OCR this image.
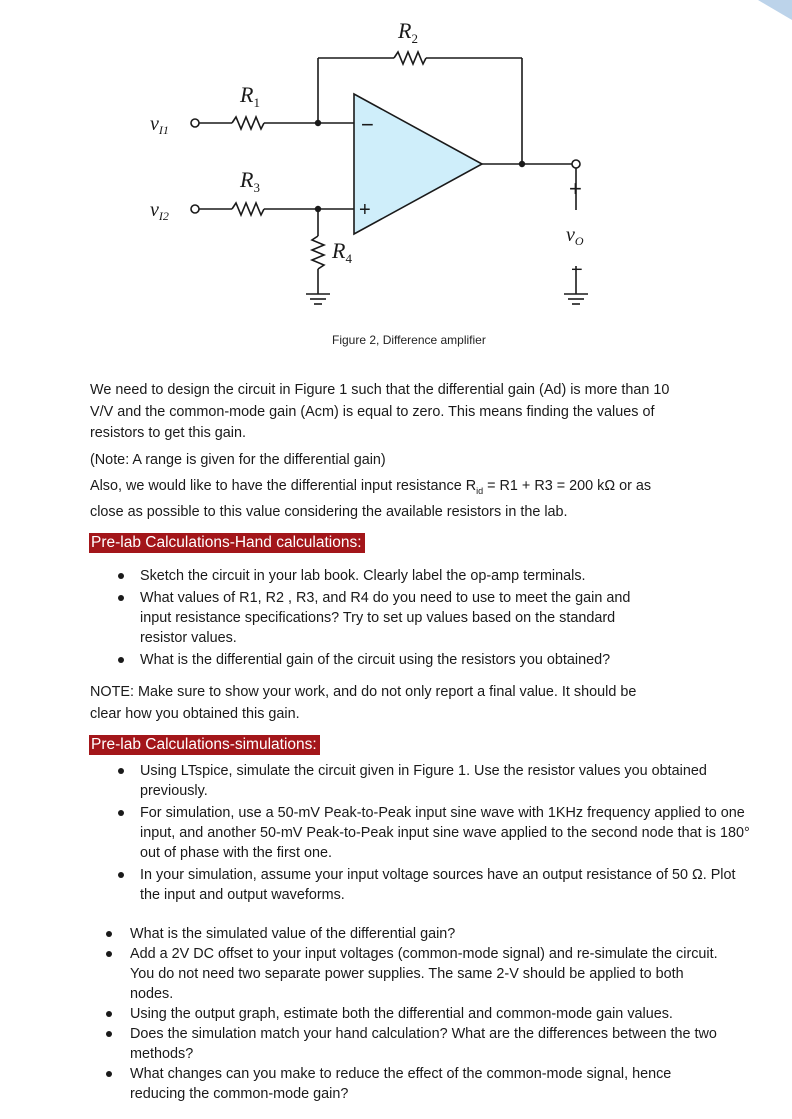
$R_1$
$R_2$
$R_3$
$R_4$
$v_{I1}$
$v_{I2}$
$v_O$
−
+
+
−
Figure 2, Difference amplifier

We need to design the circuit in Figure 1 such that the differential gain (Ad) is more than 10 V/V and the common-mode gain (Acm) is equal to zero. This means finding the values of resistors to get this gain.

(Note: A range is given for the differential gain)

Also, we would like to have the differential input resistance $R_{id} = R1 + R3 = 200$ kΩ or as close as possible to this value considering the available resistors in the lab.

Pre-lab Calculations-Hand calculations:
Sketch the circuit in your lab book. Clearly label the op-amp terminals.
What values of R1, R2 , R3, and R4 do you need to use to meet the gain and input resistance specifications? Try to set up values based on the standard resistor values.
What is the differential gain of the circuit using the resistors you obtained?
NOTE: Make sure to show your work, and do not only report a final value. It should be clear how you obtained this gain.
Pre-lab Calculations-simulations:
Using LTspice, simulate the circuit given in Figure 1. Use the resistor values you obtained previously.
For simulation, use a 50-mV Peak-to-Peak input sine wave with 1KHz frequency applied to one input, and another 50-mV Peak-to-Peak input sine wave applied to the second node that is 180° out of phase with the first one.
In your simulation, assume your input voltage sources have an output resistance of 50 Ω. Plot the input and output waveforms.
What is the simulated value of the differential gain?
Add a 2V DC offset to your input voltages (common-mode signal) and re-simulate the circuit. You do not need two separate power supplies. The same 2-V should be applied to both nodes.
Using the output graph, estimate both the differential and common-mode gain values.
Does the simulation match your hand calculation? What are the differences between the two methods?
What changes can you make to reduce the effect of the common-mode signal, hence reducing the common-mode gain?
